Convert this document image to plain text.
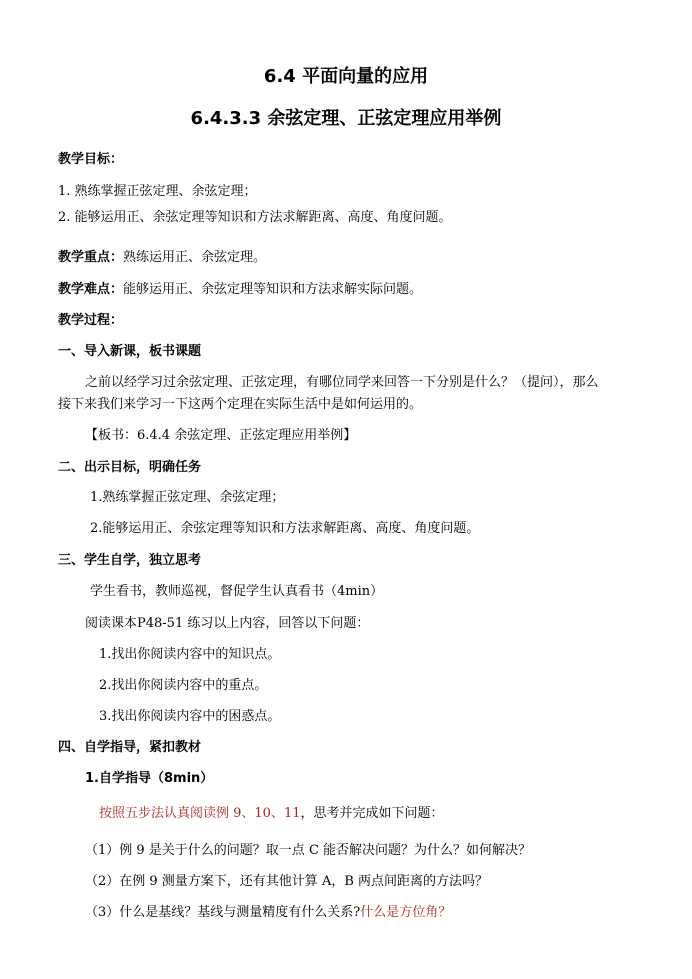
6.4 平面向量的应用
6.4.3.3 余弦定理、正弦定理应用举例
教学目标：
1. 熟练掌握正弦定理、余弦定理；
2. 能够运用正、余弦定理等知识和方法求解距离、高度、角度问题。
教学重点：熟练运用正、余弦定理。
教学难点：能够运用正、余弦定理等知识和方法求解实际问题。
教学过程：
一、导入新课，板书课题
之前以经学习过余弦定理、正弦定理，有哪位同学来回答一下分别是什么？（提问），那么
接下来我们来学习一下这两个定理在实际生活中是如何运用的。
【板书：6.4.4 余弦定理、正弦定理应用举例】
二、出示目标，明确任务
1.熟练掌握正弦定理、余弦定理；
2.能够运用正、余弦定理等知识和方法求解距离、高度、角度问题。
三、学生自学，独立思考
学生看书，教师巡视，督促学生认真看书（4min）
阅读课本P48-51 练习以上内容，回答以下问题：
1.找出你阅读内容中的知识点。
2.找出你阅读内容中的重点。
3.找出你阅读内容中的困惑点。
四、自学指导，紧扣教材
1.自学指导（8min）
按照五步法认真阅读例 9、10、11，思考并完成如下问题：
（1）例 9 是关于什么的问题？取一点 C 能否解决问题？为什么？如何解决？
（2）在例 9 测量方案下，还有其他计算 A，B 两点间距离的方法吗？
（3）什么是基线？基线与测量精度有什么关系?什么是方位角？
